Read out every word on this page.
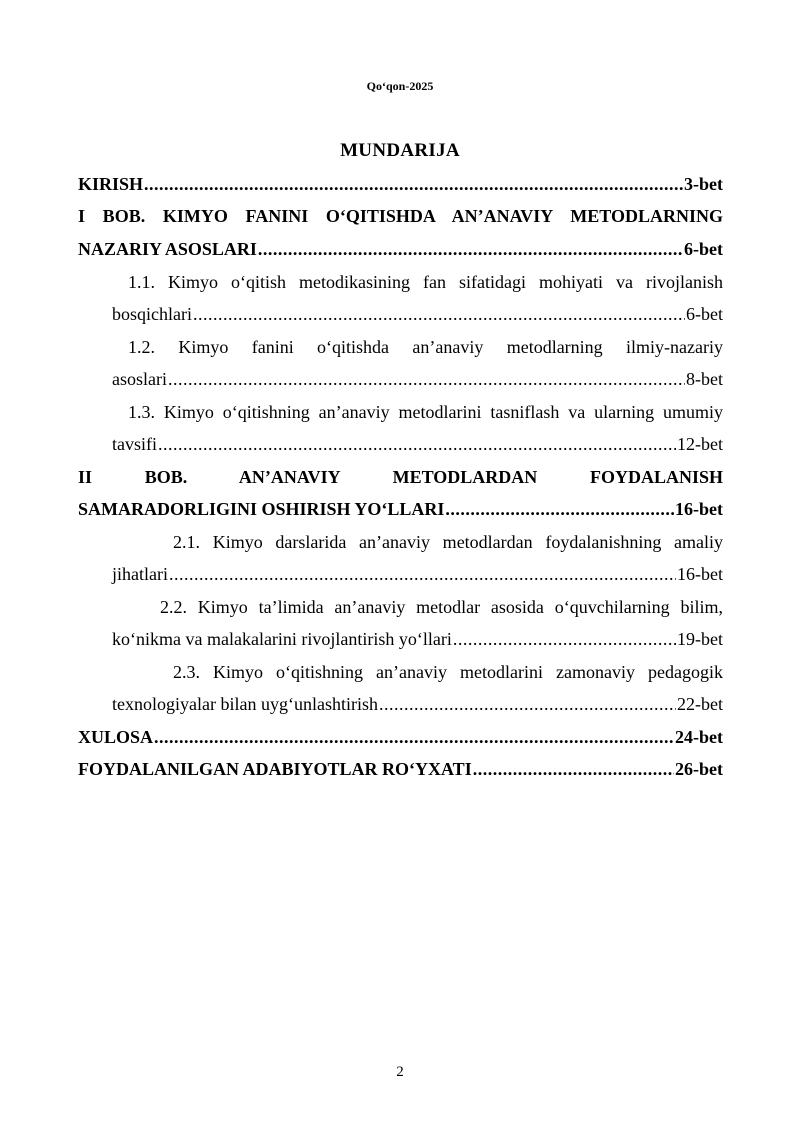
Qo‘qon-2025
MUNDARIJA
KIRISH .....	3-bet
I BOB. KIMYO FANINI O‘QITISHDA AN’ANAVIY METODLARNING
NAZARIY ASOSLARI .....	6-bet
1.1. Kimyo o‘qitish metodikasining fan sifatidagi mohiyati va rivojlanish
bosqichlari .....	6-bet
1.2. Kimyo fanini o‘qitishda an’anaviy metodlarning ilmiy-nazariy
asoslari .....	8-bet
1.3. Kimyo o‘qitishning an’anaviy metodlarini tasniflash va ularning umumiy
tavsifi .....	12-bet
II BOB. AN’ANAVIY METODLARDAN FOYDALANISH
SAMARADORLIGINI OSHIRISH YO‘LLARI .....	16-bet
2.1. Kimyo darslarida an’anaviy metodlardan foydalanishning amaliy
jihatlari .....	16-bet
2.2. Kimyo ta’limida an’anaviy metodlar asosida o‘quvchilarning bilim,
ko‘nikma va malakalarini rivojlantirish yo‘llari .....	19-bet
2.3. Kimyo o‘qitishning an’anaviy metodlarini zamonaviy pedagogik
texnologiyalar bilan uyg‘unlashtirish .....	22-bet
XULOSA .....	24-bet
FOYDALANILGAN ADABIYOTLAR RO‘YXATI .....	26-bet
2
